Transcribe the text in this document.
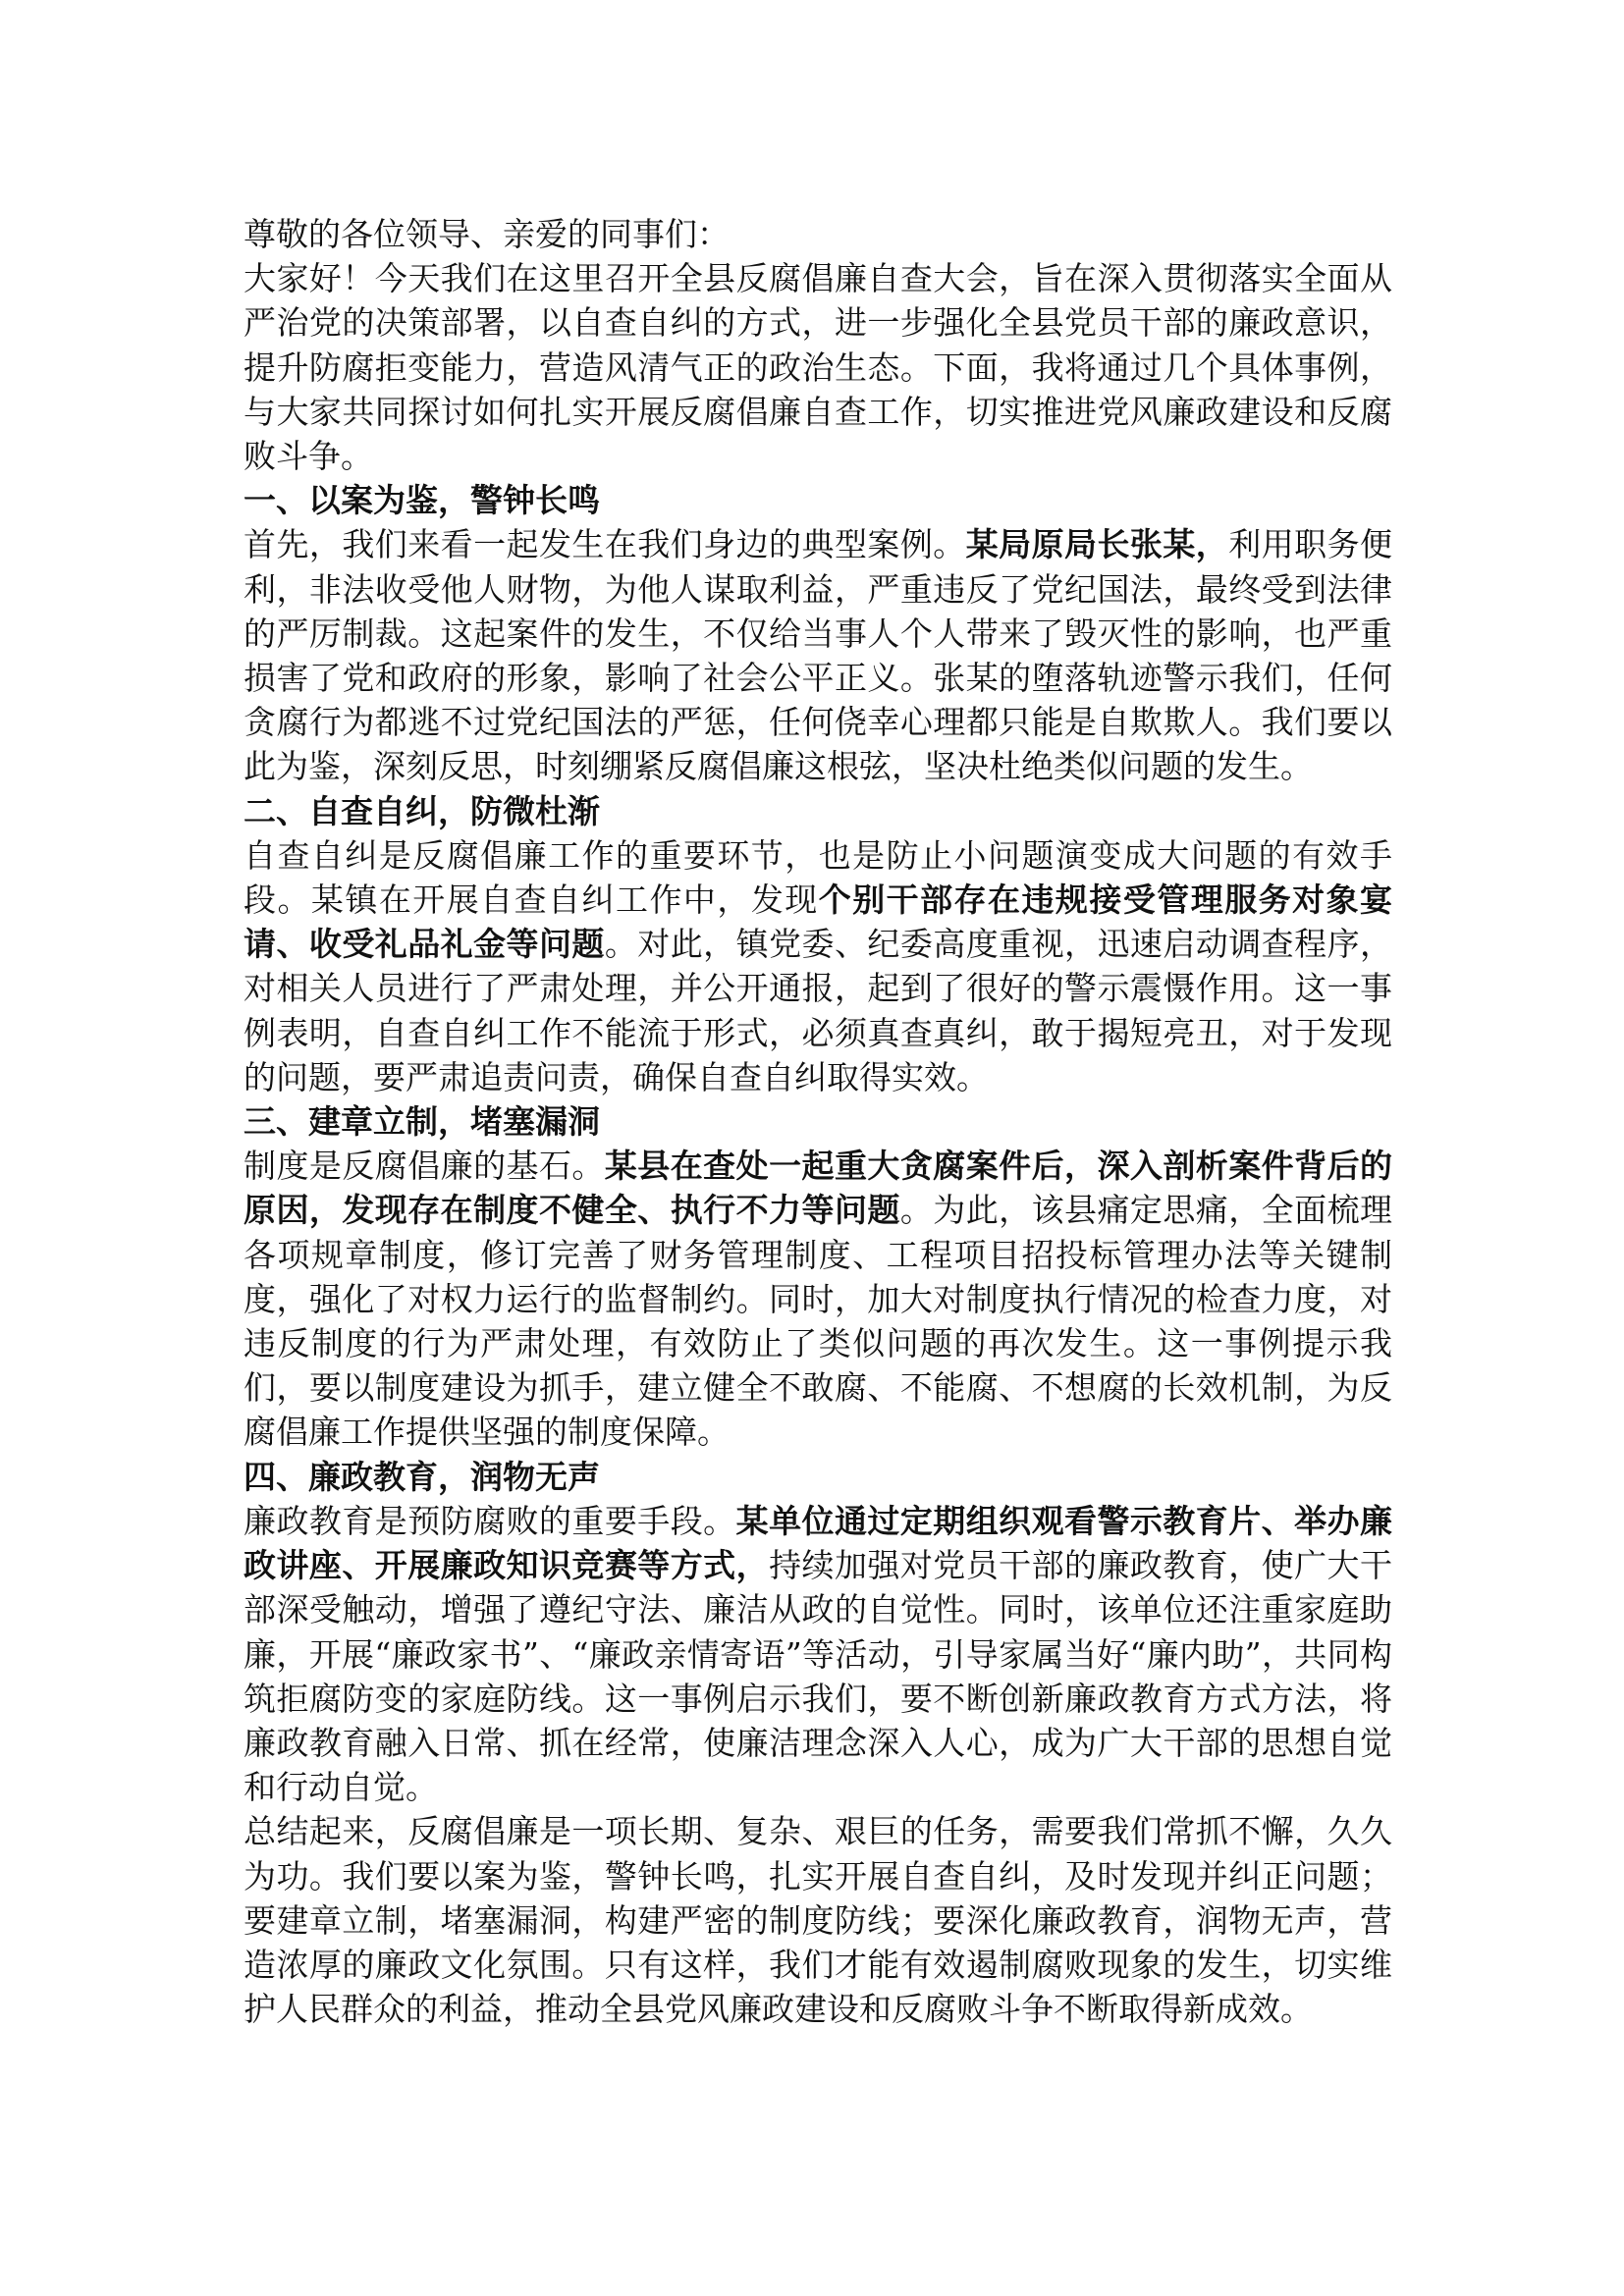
尊敬的各位领导、亲爱的同事们：

大家好！今天我们在这里召开全县反腐倡廉自查大会，旨在深入贯彻落实全面从严治党的决策部署，以自查自纠的方式，进一步强化全县党员干部的廉政意识，提升防腐拒变能力，营造风清气正的政治生态。下面，我将通过几个具体事例，与大家共同探讨如何扎实开展反腐倡廉自查工作，切实推进党风廉政建设和反腐败斗争。

一、以案为鉴，警钟长鸣

首先，我们来看一起发生在我们身边的典型案例。某局原局长张某，利用职务便利，非法收受他人财物，为他人谋取利益，严重违反了党纪国法，最终受到法律的严厉制裁。这起案件的发生，不仅给当事人个人带来了毁灭性的影响，也严重损害了党和政府的形象，影响了社会公平正义。张某的堕落轨迹警示我们，任何贪腐行为都逃不过党纪国法的严惩，任何侥幸心理都只能是自欺欺人。我们要以此为鉴，深刻反思，时刻绷紧反腐倡廉这根弦，坚决杜绝类似问题的发生。

二、自查自纠，防微杜渐

自查自纠是反腐倡廉工作的重要环节，也是防止小问题演变成大问题的有效手段。某镇在开展自查自纠工作中，发现个别干部存在违规接受管理服务对象宴请、收受礼品礼金等问题。对此，镇党委、纪委高度重视，迅速启动调查程序，对相关人员进行了严肃处理，并公开通报，起到了很好的警示震慑作用。这一事例表明，自查自纠工作不能流于形式，必须真查真纠，敢于揭短亮丑，对于发现的问题，要严肃追责问责，确保自查自纠取得实效。

三、建章立制，堵塞漏洞

制度是反腐倡廉的基石。某县在查处一起重大贪腐案件后，深入剖析案件背后的原因，发现存在制度不健全、执行不力等问题。为此，该县痛定思痛，全面梳理各项规章制度，修订完善了财务管理制度、工程项目招投标管理办法等关键制度，强化了对权力运行的监督制约。同时，加大对制度执行情况的检查力度，对违反制度的行为严肃处理，有效防止了类似问题的再次发生。这一事例提示我们，要以制度建设为抓手，建立健全不敢腐、不能腐、不想腐的长效机制，为反腐倡廉工作提供坚强的制度保障。

四、廉政教育，润物无声

廉政教育是预防腐败的重要手段。某单位通过定期组织观看警示教育片、举办廉政讲座、开展廉政知识竞赛等方式，持续加强对党员干部的廉政教育，使广大干部深受触动，增强了遵纪守法、廉洁从政的自觉性。同时，该单位还注重家庭助廉，开展“廉政家书”、“廉政亲情寄语”等活动，引导家属当好“廉内助”，共同构筑拒腐防变的家庭防线。这一事例启示我们，要不断创新廉政教育方式方法，将廉政教育融入日常、抓在经常，使廉洁理念深入人心，成为广大干部的思想自觉和行动自觉。

总结起来，反腐倡廉是一项长期、复杂、艰巨的任务，需要我们常抓不懈，久久为功。我们要以案为鉴，警钟长鸣，扎实开展自查自纠，及时发现并纠正问题；要建章立制，堵塞漏洞，构建严密的制度防线；要深化廉政教育，润物无声，营造浓厚的廉政文化氛围。只有这样，我们才能有效遏制腐败现象的发生，切实维护人民群众的利益，推动全县党风廉政建设和反腐败斗争不断取得新成效。
